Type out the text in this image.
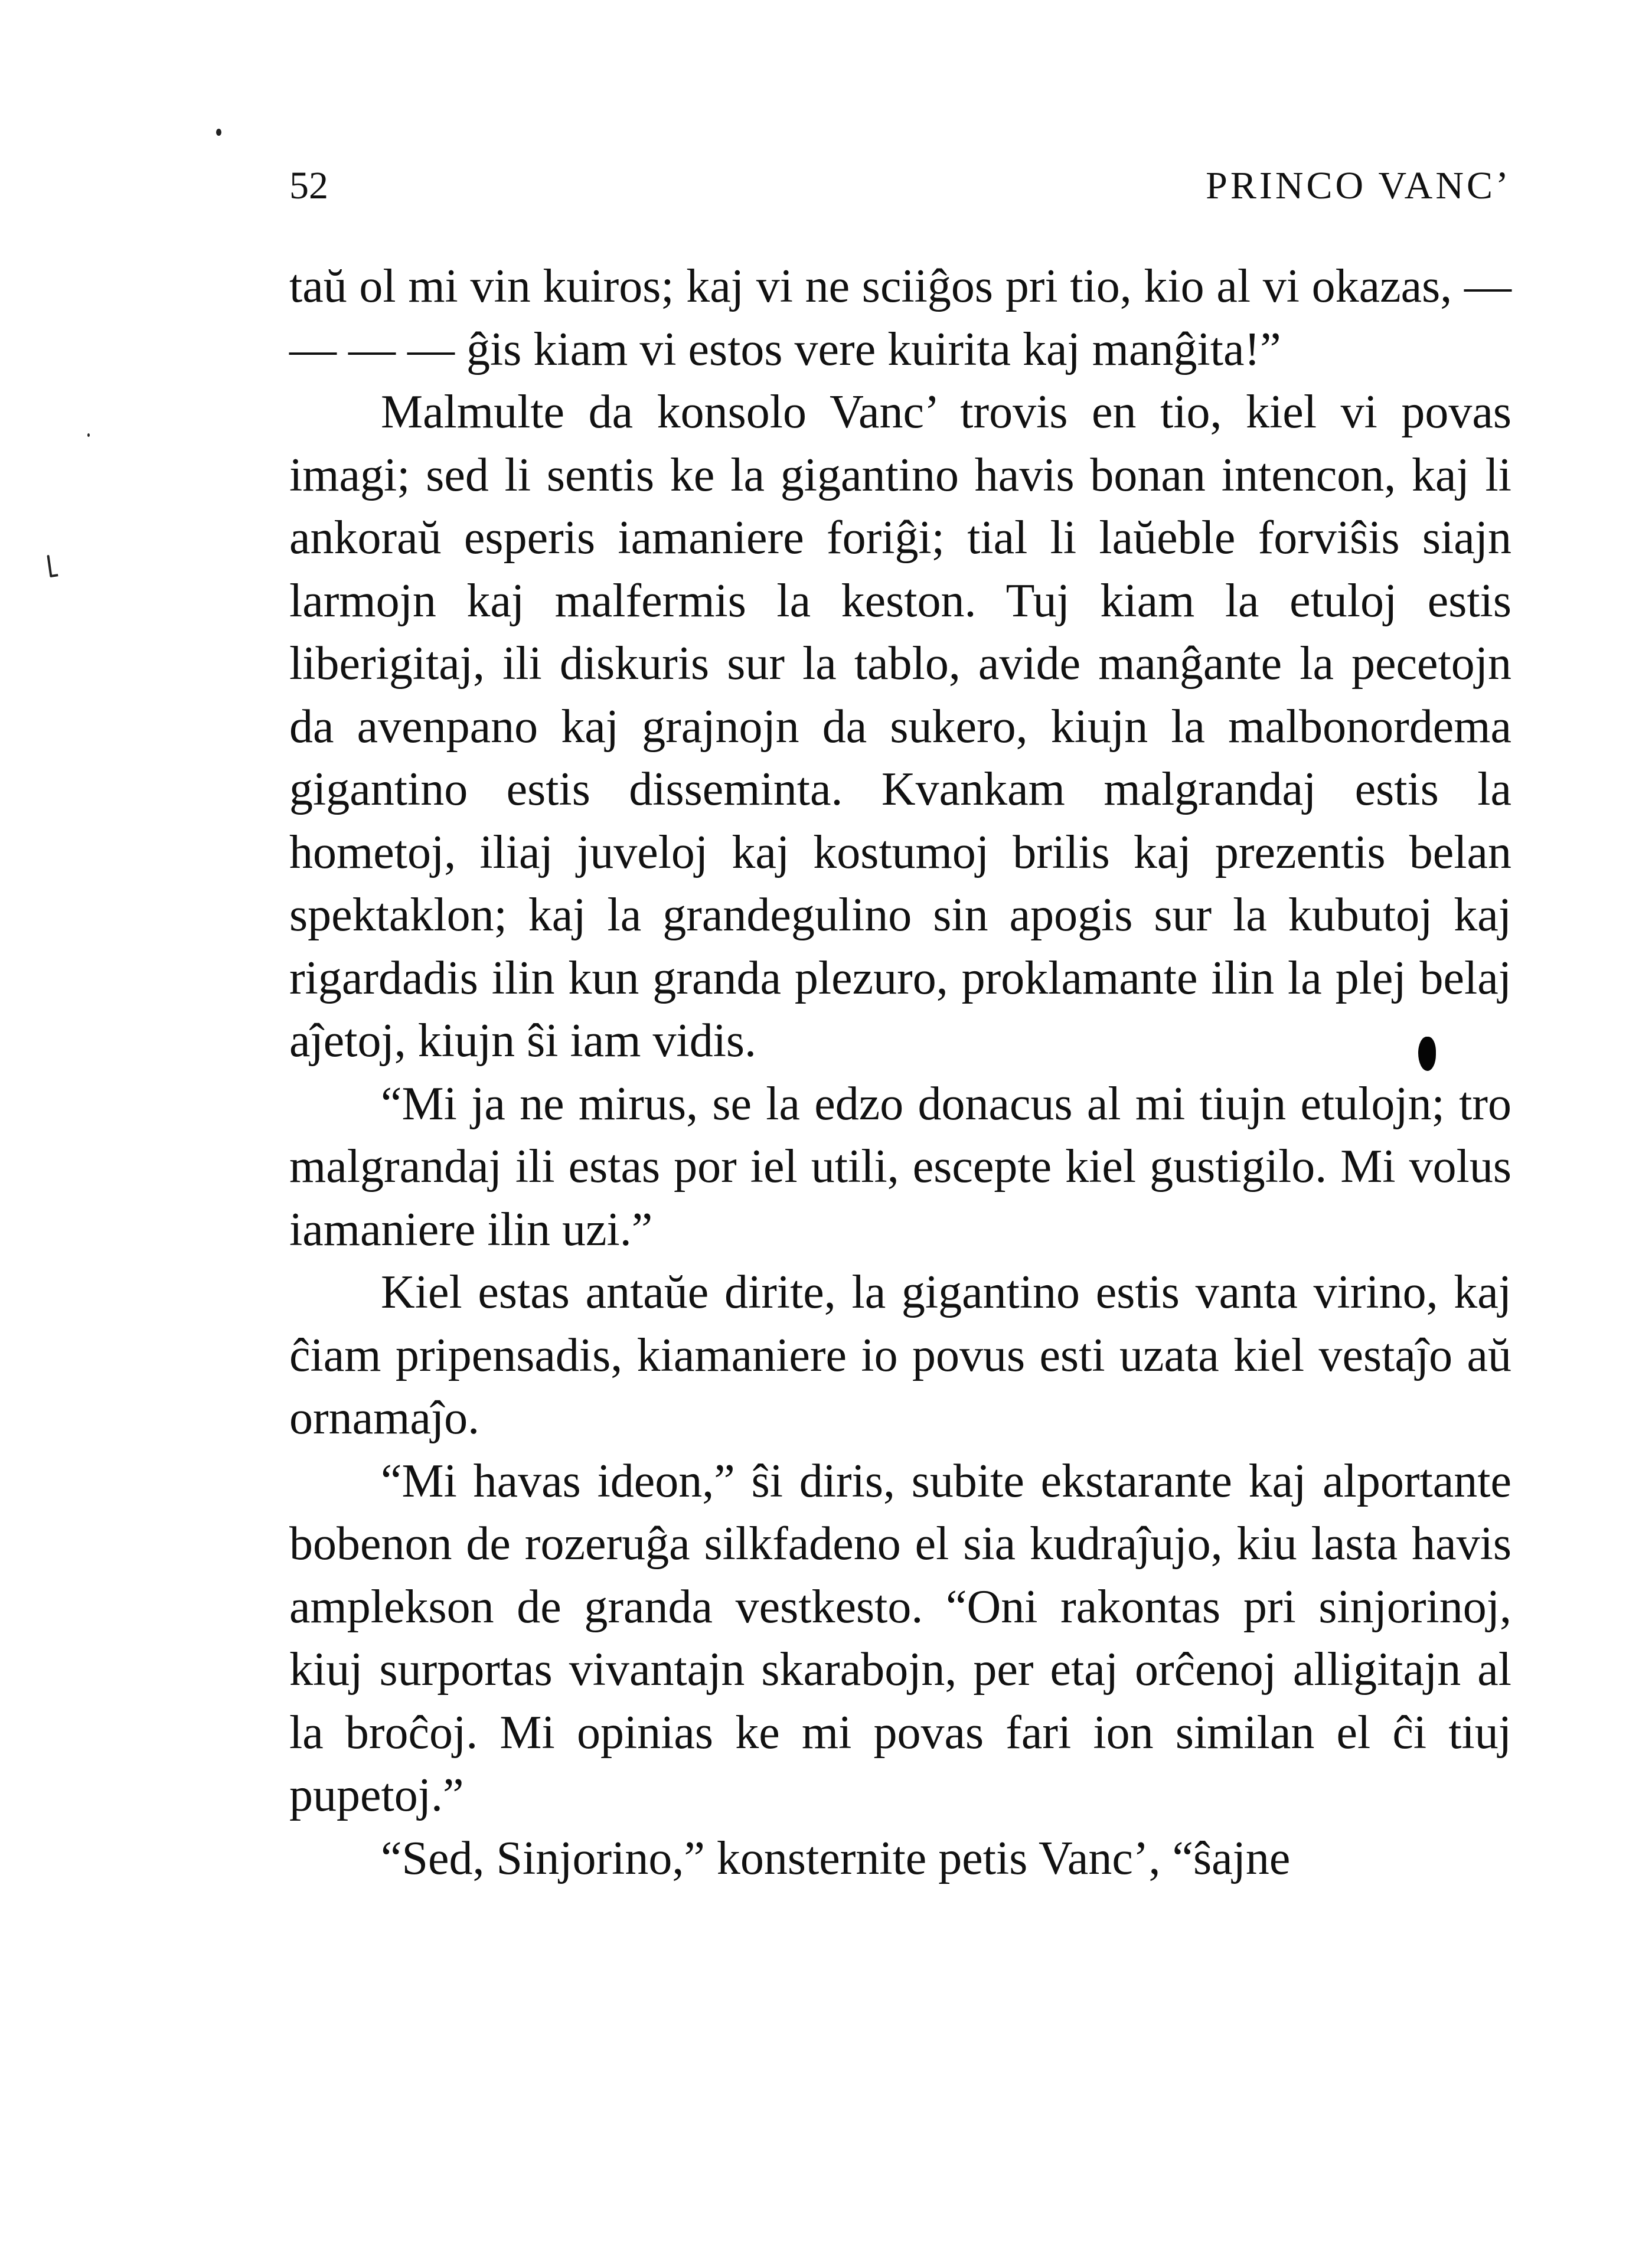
52	PRINCO VANC’

taŭ ol mi vin kuiros; kaj vi ne sciiĝos pri tio, kio al vi okazas, — — — — ĝis kiam vi estos vere kuirita kaj manĝita!”

Malmulte da konsolo Vanc’ trovis en tio, kiel vi povas imagi; sed li sentis ke la gigantino havis bonan intencon, kaj li ankoraŭ esperis iamaniere foriĝi; tial li laŭeble forviŝis siajn larmojn kaj malfermis la keston. Tuj kiam la etuloj estis liberigitaj, ili diskuris sur la tablo, avide manĝante la pecetojn da avenpano kaj grajnojn da sukero, kiujn la malbonordema gigantino estis disseminta. Kvankam malgrandaj estis la hometoj, iliaj juveloj kaj kostumoj brilis kaj prezentis belan spektaklon; kaj la grandegulino sin apogis sur la kubutoj kaj rigardadis ilin kun granda plezuro, proklamante ilin la plej belaj aĵetoj, kiujn ŝi iam vidis.

“Mi ja ne mirus, se la edzo donacus al mi tiujn etulojn; tro malgrandaj ili estas por iel utili, escepte kiel gustigilo. Mi volus iamaniere ilin uzi.”

Kiel estas antaŭe dirite, la gigantino estis vanta virino, kaj ĉiam pripensadis, kiamaniere io povus esti uzata kiel vestaĵo aŭ ornamaĵo.

“Mi havas ideon,” ŝi diris, subite ekstarante kaj alportante bobenon de rozeruĝa silkfadeno el sia kudraĵujo, kiu lasta havis amplekson de granda vestkesto. “Oni rakontas pri sinjorinoj, kiuj surportas vivantajn skarabojn, per etaj orĉenoj alligitajn al la broĉoj. Mi opinias ke mi povas fari ion similan el ĉi tiuj pupetoj.”

“Sed, Sinjorino,” konsternite petis Vanc’, “ŝajne
